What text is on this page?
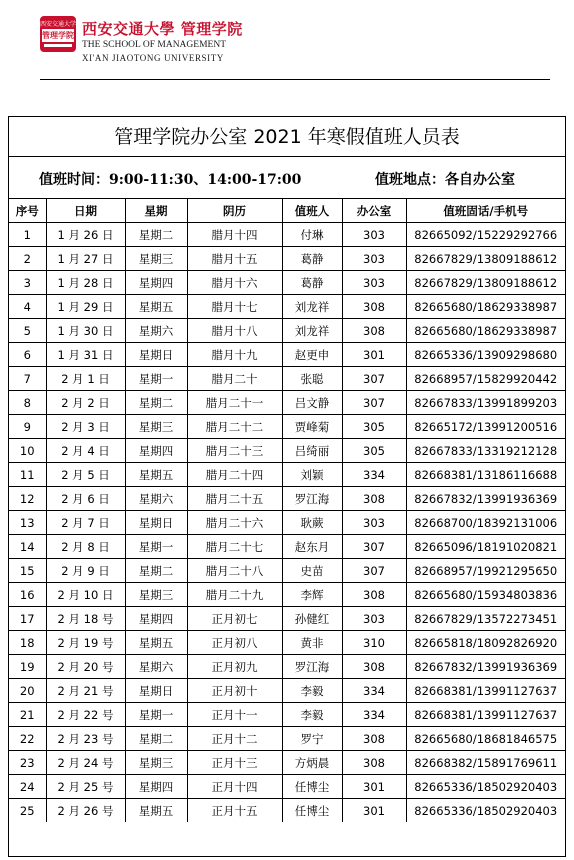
西安交通大学
管理学院 西安交通大學 管理学院
THE SCHOOL OF MANAGEMENT
XI'AN JIAOTONG UNIVERSITY
管理学院办公室 2021 年寒假值班人员表
值班时间：9:00-11:30、14:00-17:00	值班地点：各自办公室
序号	日期	星期	阴历	值班人	办公室	值班固话/手机号
1	1 月 26 日	星期二	腊月十四	付琳	303	82665092/15229292766
2	1 月 27 日	星期三	腊月十五	葛静	303	82667829/13809188612
3	1 月 28 日	星期四	腊月十六	葛静	303	82667829/13809188612
4	1 月 29 日	星期五	腊月十七	刘龙祥	308	82665680/18629338987
5	1 月 30 日	星期六	腊月十八	刘龙祥	308	82665680/18629338987
6	1 月 31 日	星期日	腊月十九	赵更申	301	82665336/13909298680
7	2 月 1 日	星期一	腊月二十	张聪	307	82668957/15829920442
8	2 月 2 日	星期二	腊月二十一	吕文静	307	82667833/13991899203
9	2 月 3 日	星期三	腊月二十二	贾峰菊	305	82665172/13991200516
10	2 月 4 日	星期四	腊月二十三	吕绮丽	305	82667833/13319212128
11	2 月 5 日	星期五	腊月二十四	刘颖	334	82668381/13186116688
12	2 月 6 日	星期六	腊月二十五	罗江海	308	82667832/13991936369
13	2 月 7 日	星期日	腊月二十六	耿蕨	303	82668700/18392131006
14	2 月 8 日	星期一	腊月二十七	赵东月	307	82665096/18191020821
15	2 月 9 日	星期二	腊月二十八	史苗	307	82668957/19921295650
16	2 月 10 日	星期三	腊月二十九	李辉	308	82665680/15934803836
17	2 月 18 号	星期四	正月初七	孙健红	303	82667829/13572273451
18	2 月 19 号	星期五	正月初八	黄非	310	82665818/18092826920
19	2 月 20 号	星期六	正月初九	罗江海	308	82667832/13991936369
20	2 月 21 号	星期日	正月初十	李毅	334	82668381/13991127637
21	2 月 22 号	星期一	正月十一	李毅	334	82668381/13991127637
22	2 月 23 号	星期二	正月十二	罗宁	308	82665680/18681846575
23	2 月 24 号	星期三	正月十三	方炳晨	308	82668382/15891769611
24	2 月 25 号	星期四	正月十四	任博尘	301	82665336/18502920403
25	2 月 26 号	星期五	正月十五	任博尘	301	82665336/18502920403
